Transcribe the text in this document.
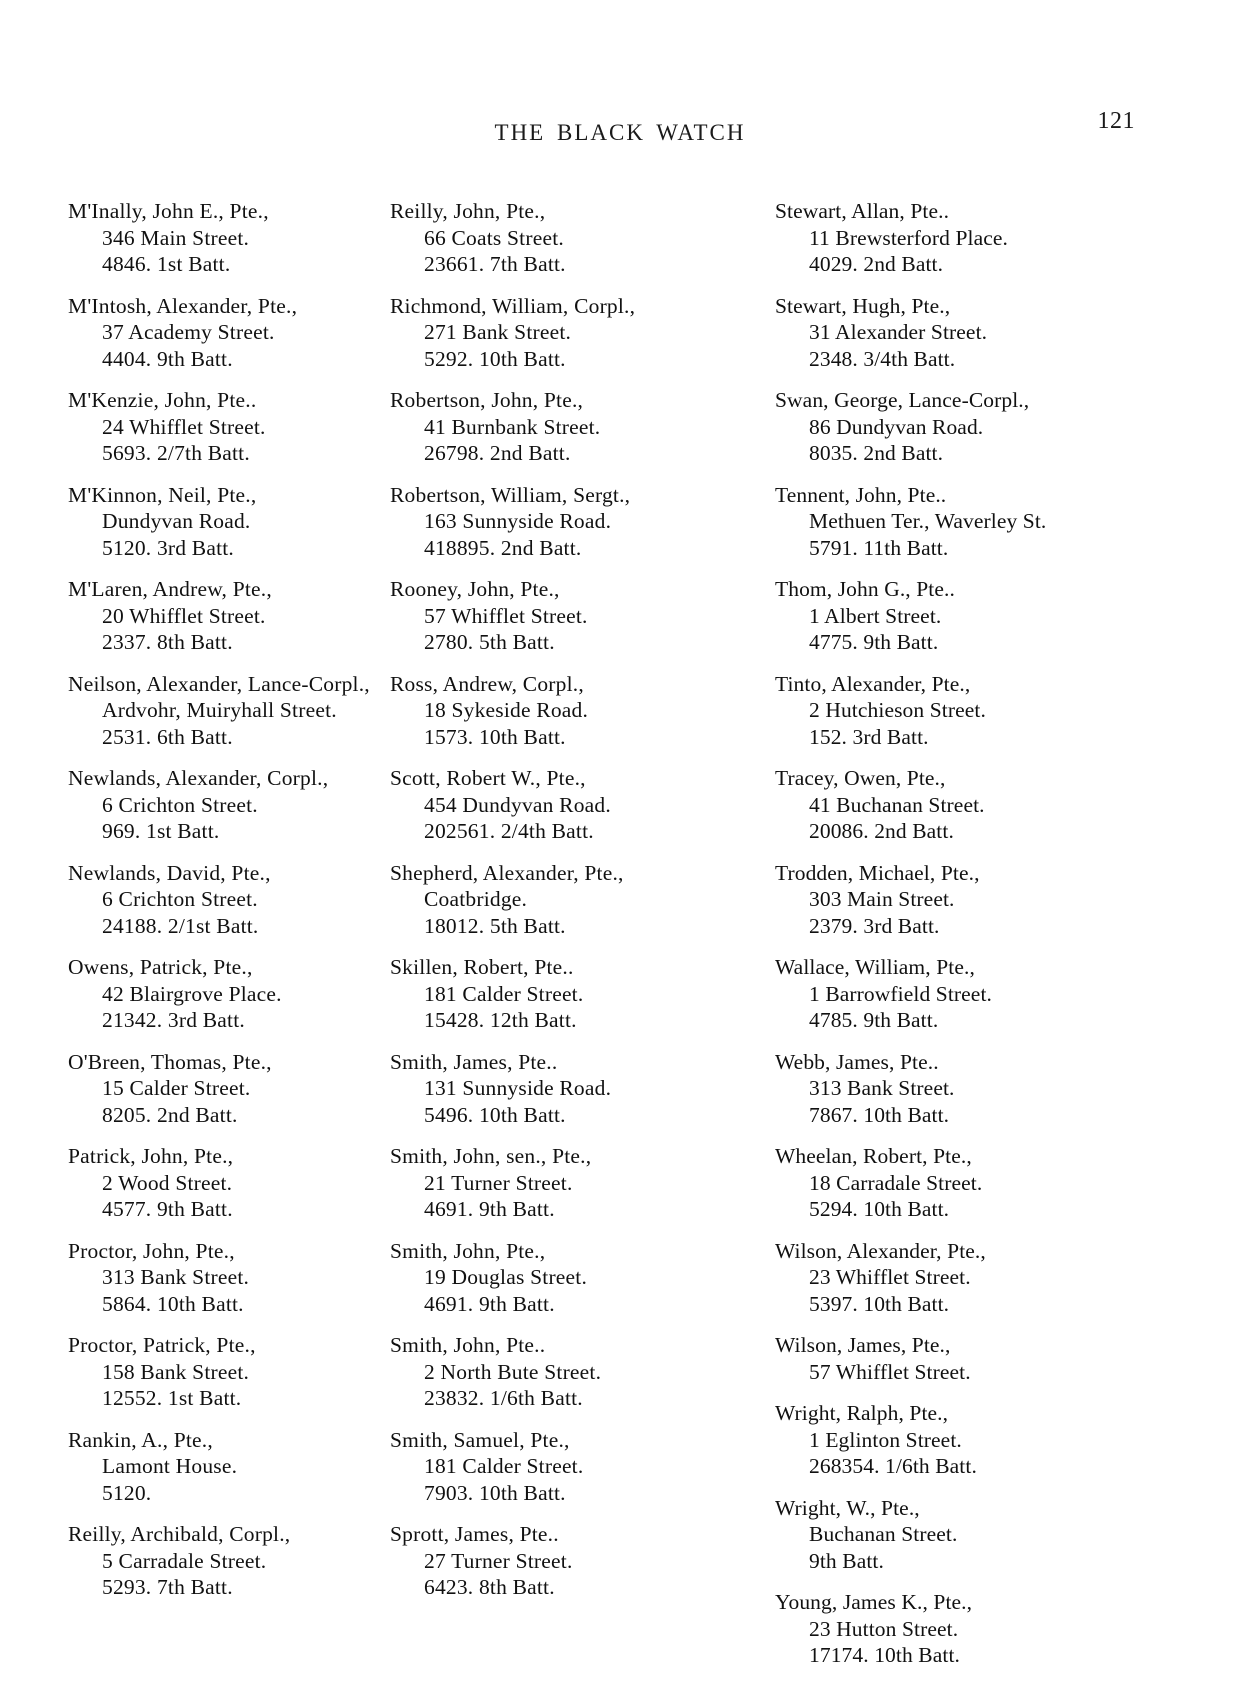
THE BLACK WATCH	121
M'Inally, John E., Pte.,
346 Main Street.
4846. 1st Batt.
M'Intosh, Alexander, Pte.,
37 Academy Street.
4404. 9th Batt.
M'Kenzie, John, Pte..
24 Whifflet Street.
5693. 2/7th Batt.
M'Kinnon, Neil, Pte.,
Dundyvan Road.
5120. 3rd Batt.
M'Laren, Andrew, Pte.,
20 Whifflet Street.
2337. 8th Batt.
Neilson, Alexander, Lance-Corpl.,
Ardvohr, Muiryhall Street.
2531. 6th Batt.
Newlands, Alexander, Corpl.,
6 Crichton Street.
969. 1st Batt.
Newlands, David, Pte.,
6 Crichton Street.
24188. 2/1st Batt.
Owens, Patrick, Pte.,
42 Blairgrove Place.
21342. 3rd Batt.
O'Breen, Thomas, Pte.,
15 Calder Street.
8205. 2nd Batt.
Patrick, John, Pte.,
2 Wood Street.
4577. 9th Batt.
Proctor, John, Pte.,
313 Bank Street.
5864. 10th Batt.
Proctor, Patrick, Pte.,
158 Bank Street.
12552. 1st Batt.
Rankin, A., Pte.,
Lamont House.
5120.
Reilly, Archibald, Corpl.,
5 Carradale Street.
5293. 7th Batt.
Reilly, John, Pte.,
66 Coats Street.
23661. 7th Batt.
Richmond, William, Corpl.,
271 Bank Street.
5292. 10th Batt.
Robertson, John, Pte.,
41 Burnbank Street.
26798. 2nd Batt.
Robertson, William, Sergt.,
163 Sunnyside Road.
418895. 2nd Batt.
Rooney, John, Pte.,
57 Whifflet Street.
2780. 5th Batt.
Ross, Andrew, Corpl.,
18 Sykeside Road.
1573. 10th Batt.
Scott, Robert W., Pte.,
454 Dundyvan Road.
202561. 2/4th Batt.
Shepherd, Alexander, Pte.,
Coatbridge.
18012. 5th Batt.
Skillen, Robert, Pte..
181 Calder Street.
15428. 12th Batt.
Smith, James, Pte..
131 Sunnyside Road.
5496. 10th Batt.
Smith, John, sen., Pte.,
21 Turner Street.
4691. 9th Batt.
Smith, John, Pte.,
19 Douglas Street.
4691. 9th Batt.
Smith, John, Pte..
2 North Bute Street.
23832. 1/6th Batt.
Smith, Samuel, Pte.,
181 Calder Street.
7903. 10th Batt.
Sprott, James, Pte..
27 Turner Street.
6423. 8th Batt.
Stewart, Allan, Pte..
11 Brewsterford Place.
4029. 2nd Batt.
Stewart, Hugh, Pte.,
31 Alexander Street.
2348. 3/4th Batt.
Swan, George, Lance-Corpl.,
86 Dundyvan Road.
8035. 2nd Batt.
Tennent, John, Pte..
Methuen Ter., Waverley St.
5791. 11th Batt.
Thom, John G., Pte..
1 Albert Street.
4775. 9th Batt.
Tinto, Alexander, Pte.,
2 Hutchieson Street.
152. 3rd Batt.
Tracey, Owen, Pte.,
41 Buchanan Street.
20086. 2nd Batt.
Trodden, Michael, Pte.,
303 Main Street.
2379. 3rd Batt.
Wallace, William, Pte.,
1 Barrowfield Street.
4785. 9th Batt.
Webb, James, Pte..
313 Bank Street.
7867. 10th Batt.
Wheelan, Robert, Pte.,
18 Carradale Street.
5294. 10th Batt.
Wilson, Alexander, Pte.,
23 Whifflet Street.
5397. 10th Batt.
Wilson, James, Pte.,
57 Whifflet Street.
Wright, Ralph, Pte.,
1 Eglinton Street.
268354. 1/6th Batt.
Wright, W., Pte.,
Buchanan Street.
9th Batt.
Young, James K., Pte.,
23 Hutton Street.
17174. 10th Batt.
